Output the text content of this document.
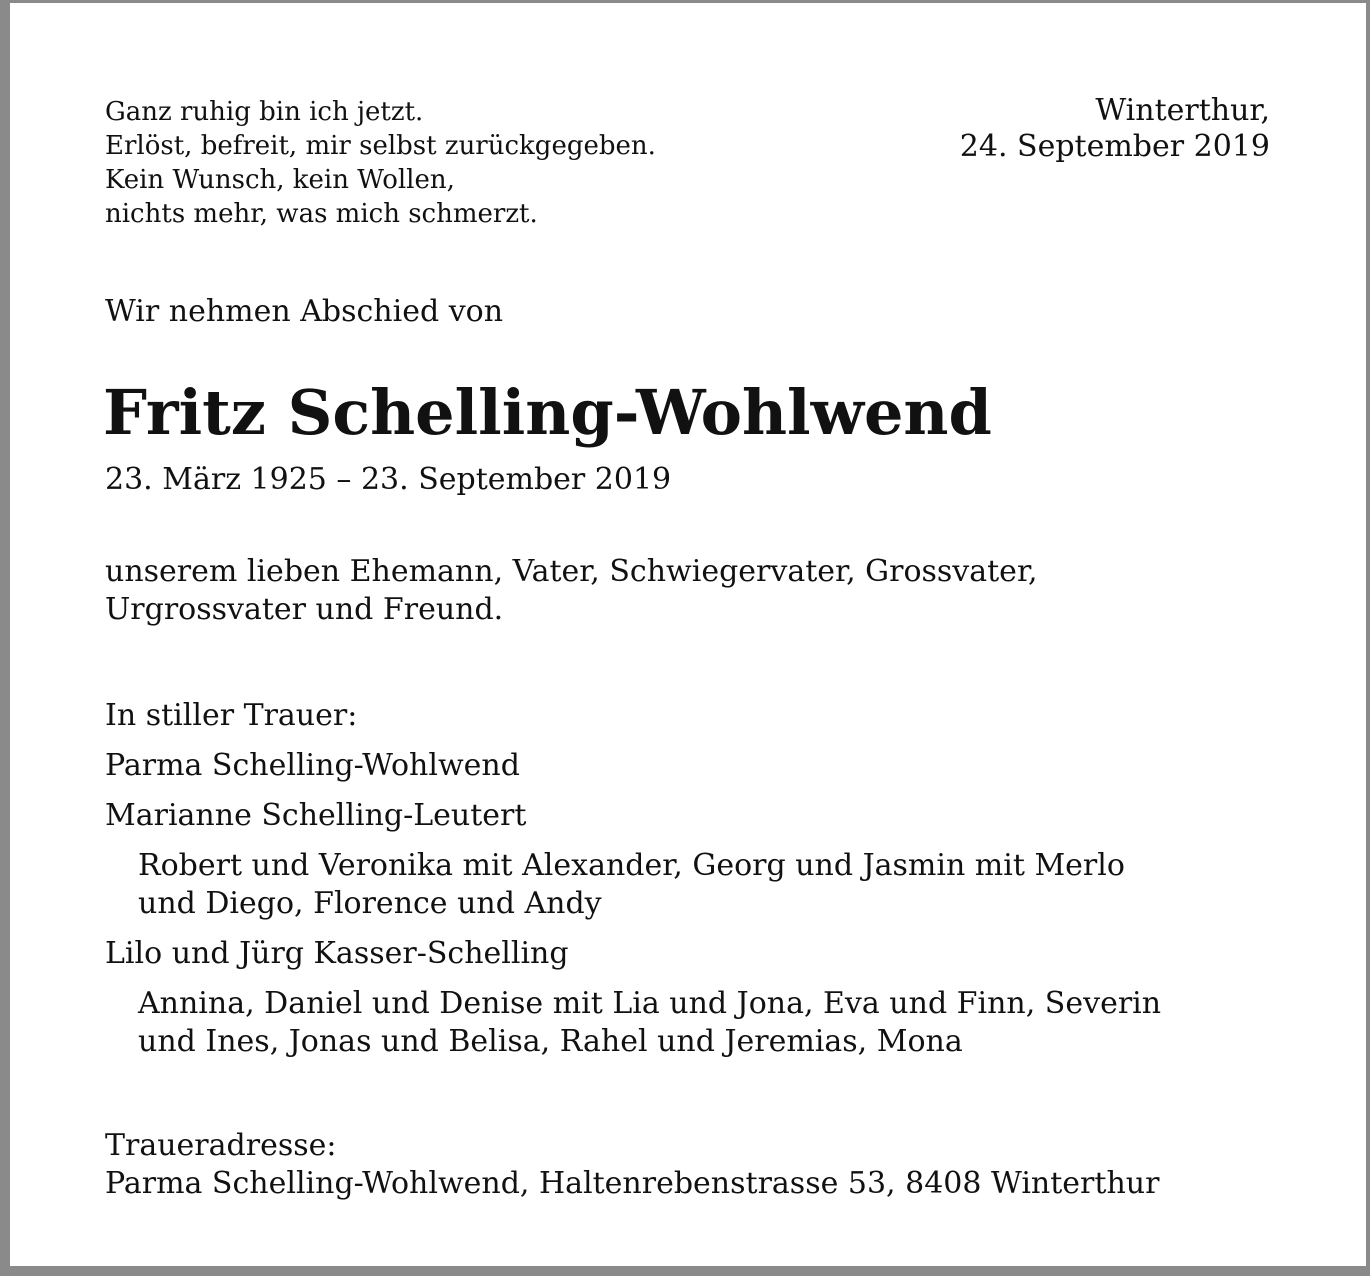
Ganz ruhig bin ich jetzt.
Erlöst, befreit, mir selbst zurückgegeben.
Kein Wunsch, kein Wollen,
nichts mehr, was mich schmerzt.
Winterthur,
24. September 2019
Wir nehmen Abschied von
Fritz Schelling-Wohlwend
23. März 1925 – 23. September 2019
unserem lieben Ehemann, Vater, Schwiegervater, Grossvater,
Urgrossvater und Freund.
In stiller Trauer:
Parma Schelling-Wohlwend
Marianne Schelling-Leutert
Robert und Veronika mit Alexander, Georg und Jasmin mit Merlo
und Diego, Florence und Andy
Lilo und Jürg Kasser-Schelling
Annina, Daniel und Denise mit Lia und Jona, Eva und Finn, Severin
und Ines, Jonas und Belisa, Rahel und Jeremias, Mona
Traueradresse:
Parma Schelling-Wohlwend, Haltenrebenstrasse 53, 8408 Winterthur
